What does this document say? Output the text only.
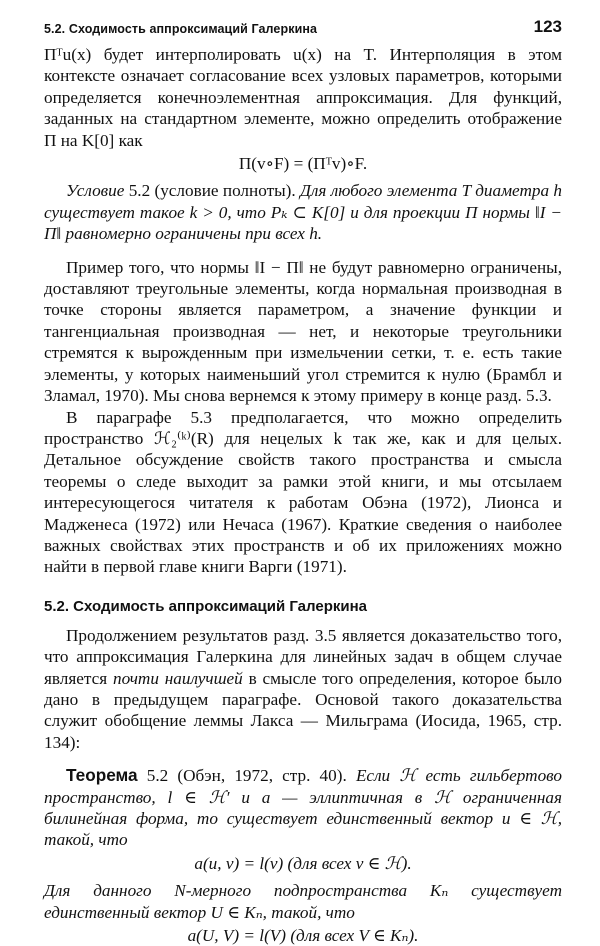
5.2. Сходимость аппроксимаций Галеркина	123

Πᵀu(x) будет интерполировать u(x) на T. Интерполяция в этом контексте означает согласование всех узловых параметров, которыми определяется конечноэлементная аппроксимация. Для функций, заданных на стандартном элементе, можно определить отображение Π на K[0] как

Π(v∘F) = (Πᵀv)∘F.

Условие 5.2 (условие полноты). Для любого элемента T диаметра h существует такое k > 0, что Pₖ ⊂ K[0] и для проекции Π нормы ‖I − Π‖ равномерно ограничены при всех h.

Пример того, что нормы ‖I − Π‖ не будут равномерно ограничены, доставляют треугольные элементы, когда нормальная производная в точке стороны является параметром, а значение функции и тангенциальная производная — нет, и некоторые треугольники стремятся к вырожденным при измельчении сетки, т. е. есть такие элементы, у которых наименьший угол стремится к нулю (Брамбл и Зламал, 1970). Мы снова вернемся к этому примеру в конце разд. 5.3.

В параграфе 5.3 предполагается, что можно определить пространство ℋ₂⁽ᵏ⁾(R) для нецелых k так же, как и для целых. Детальное обсуждение свойств такого пространства и смысла теоремы о следе выходит за рамки этой книги, и мы отсылаем интересующегося читателя к работам Обэна (1972), Лионса и Мадженеса (1972) или Нечаса (1967). Краткие сведения о наиболее важных свойствах этих пространств и об их приложениях можно найти в первой главе книги Варги (1971).

5.2. Сходимость аппроксимаций Галеркина

Продолжением результатов разд. 3.5 является доказательство того, что аппроксимация Галеркина для линейных задач в общем случае является почти наилучшей в смысле того определения, которое было дано в предыдущем параграфе. Основой такого доказательства служит обобщение леммы Лакса — Мильграма (Иосида, 1965, стр. 134):

Теорема 5.2 (Обэн, 1972, стр. 40). Если ℋ есть гильбертово пространство, l ∈ ℋ′ и a — эллиптичная в ℋ ограниченная билинейная форма, то существует единственный вектор u ∈ ℋ, такой, что

a(u, v) = l(v) (для всех v ∈ ℋ).

Для данного N-мерного подпространства Kₙ существует единственный вектор U ∈ Kₙ, такой, что

a(U, V) = l(V) (для всех V ∈ Kₙ).
